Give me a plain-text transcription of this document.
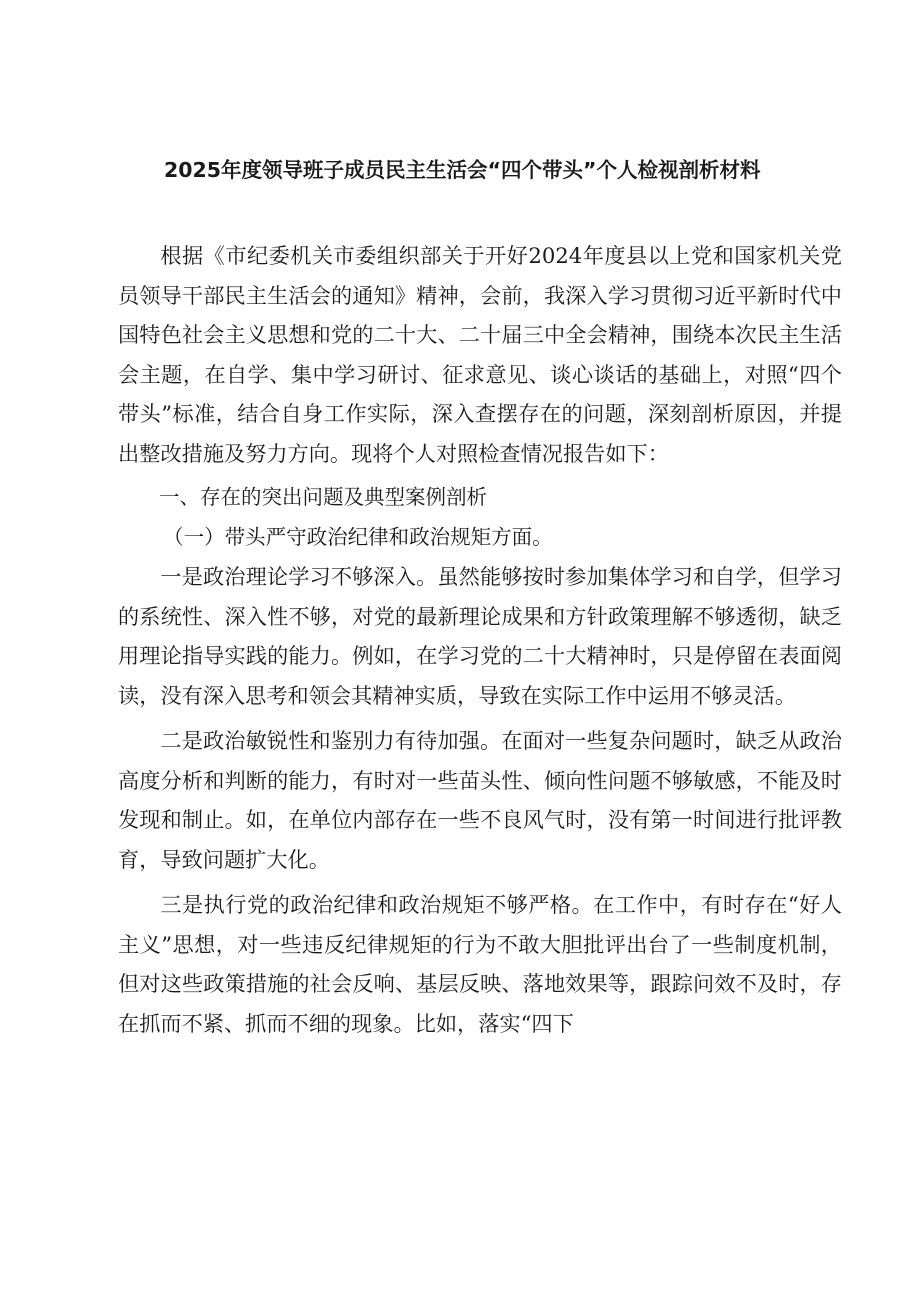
2025年度领导班子成员民主生活会“四个带头”个人检视剖析材料

根据《市纪委机关市委组织部关于开好2024年度县以上党和国家机关党员领导干部民主生活会的通知》精神，会前，我深入学习贯彻习近平新时代中国特色社会主义思想和党的二十大、二十届三中全会精神，围绕本次民主生活会主题，在自学、集中学习研讨、征求意见、谈心谈话的基础上，对照“四个带头”标准，结合自身工作实际，深入查摆存在的问题，深刻剖析原因，并提出整改措施及努力方向。现将个人对照检查情况报告如下：

一、存在的突出问题及典型案例剖析
（一）带头严守政治纪律和政治规矩方面。

一是政治理论学习不够深入。虽然能够按时参加集体学习和自学，但学习的系统性、深入性不够，对党的最新理论成果和方针政策理解不够透彻，缺乏用理论指导实践的能力。例如，在学习党的二十大精神时，只是停留在表面阅读，没有深入思考和领会其精神实质，导致在实际工作中运用不够灵活。

二是政治敏锐性和鉴别力有待加强。在面对一些复杂问题时，缺乏从政治高度分析和判断的能力，有时对一些苗头性、倾向性问题不够敏感，不能及时发现和制止。如，在单位内部存在一些不良风气时，没有第一时间进行批评教育，导致问题扩大化。

三是执行党的政治纪律和政治规矩不够严格。在工作中，有时存在“好人主义”思想，对一些违反纪律规矩的行为不敢大胆批评出台了一些制度机制，但对这些政策措施的社会反响、基层反映、落地效果等，跟踪问效不及时，存在抓而不紧、抓而不细的现象。比如，落实“四下
